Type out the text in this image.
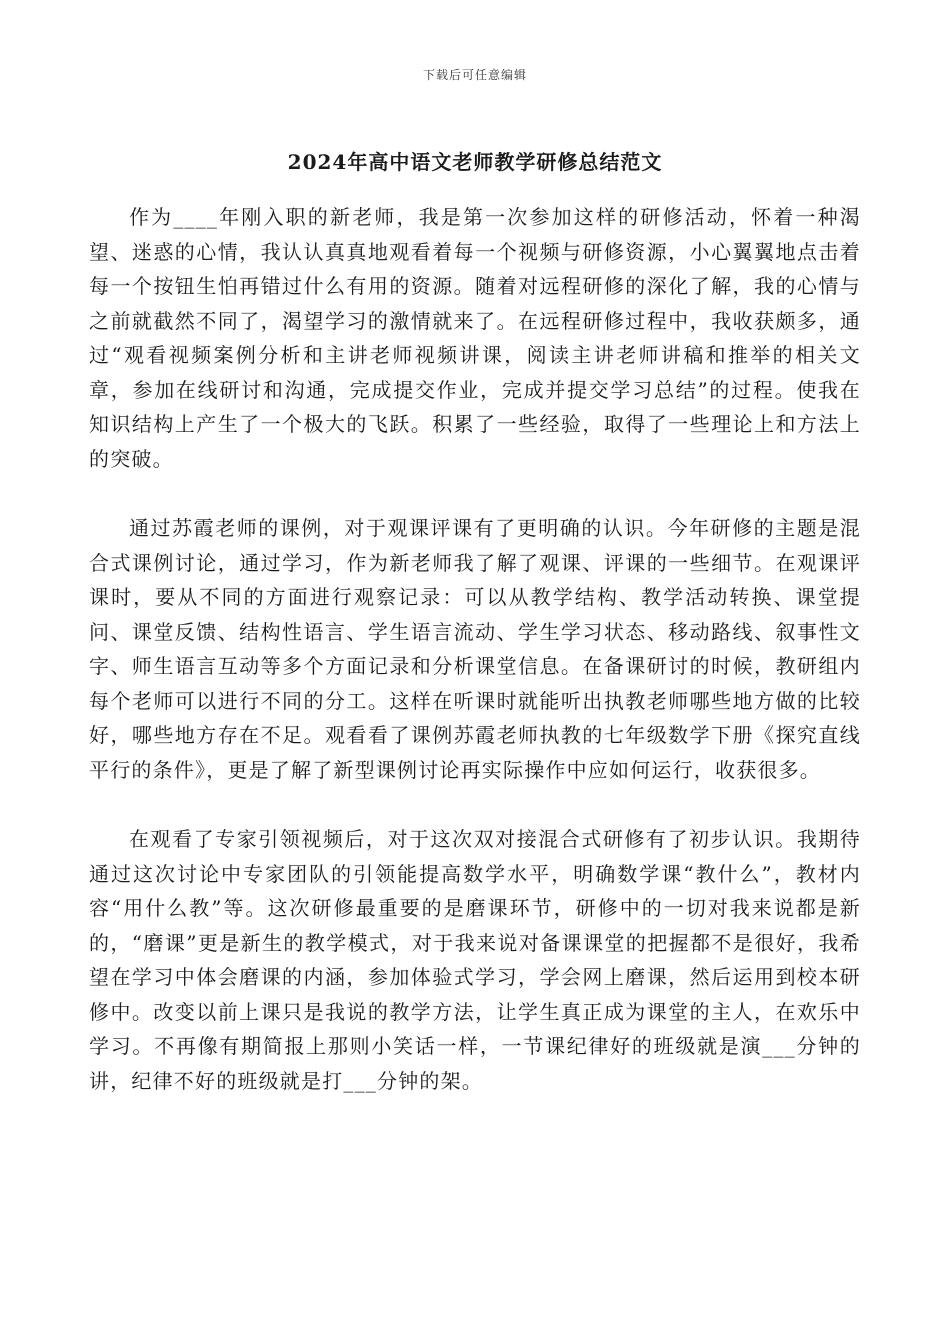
下载后可任意编辑
2024年高中语文老师教学研修总结范文

作为____年刚入职的新老师，我是第一次参加这样的研修活动，怀着一种渴望、迷惑的心情，我认认真真地观看着每一个视频与研修资源，小心翼翼地点击着每一个按钮生怕再错过什么有用的资源。随着对远程研修的深化了解，我的心情与之前就截然不同了，渴望学习的激情就来了。在远程研修过程中，我收获颇多，通过“观看视频案例分析和主讲老师视频讲课，阅读主讲老师讲稿和推举的相关文章，参加在线研讨和沟通，完成提交作业，完成并提交学习总结”的过程。使我在知识结构上产生了一个极大的飞跃。积累了一些经验，取得了一些理论上和方法上的突破。

通过苏霞老师的课例，对于观课评课有了更明确的认识。今年研修的主题是混合式课例讨论，通过学习，作为新老师我了解了观课、评课的一些细节。在观课评课时，要从不同的方面进行观察记录：可以从教学结构、教学活动转换、课堂提问、课堂反馈、结构性语言、学生语言流动、学生学习状态、移动路线、叙事性文字、师生语言互动等多个方面记录和分析课堂信息。在备课研讨的时候，教研组内每个老师可以进行不同的分工。这样在听课时就能听出执教老师哪些地方做的比较好，哪些地方存在不足。观看看了课例苏霞老师执教的七年级数学下册《探究直线平行的条件》，更是了解了新型课例讨论再实际操作中应如何运行，收获很多。

在观看了专家引领视频后，对于这次双对接混合式研修有了初步认识。我期待通过这次讨论中专家团队的引领能提高数学水平，明确数学课“教什么”，教材内容“用什么教”等。这次研修最重要的是磨课环节，研修中的一切对我来说都是新的，“磨课”更是新生的教学模式，对于我来说对备课课堂的把握都不是很好，我希望在学习中体会磨课的内涵，参加体验式学习，学会网上磨课，然后运用到校本研修中。改变以前上课只是我说的教学方法，让学生真正成为课堂的主人，在欢乐中学习。不再像有期简报上那则小笑话一样，一节课纪律好的班级就是演___分钟的讲，纪律不好的班级就是打___分钟的架。
